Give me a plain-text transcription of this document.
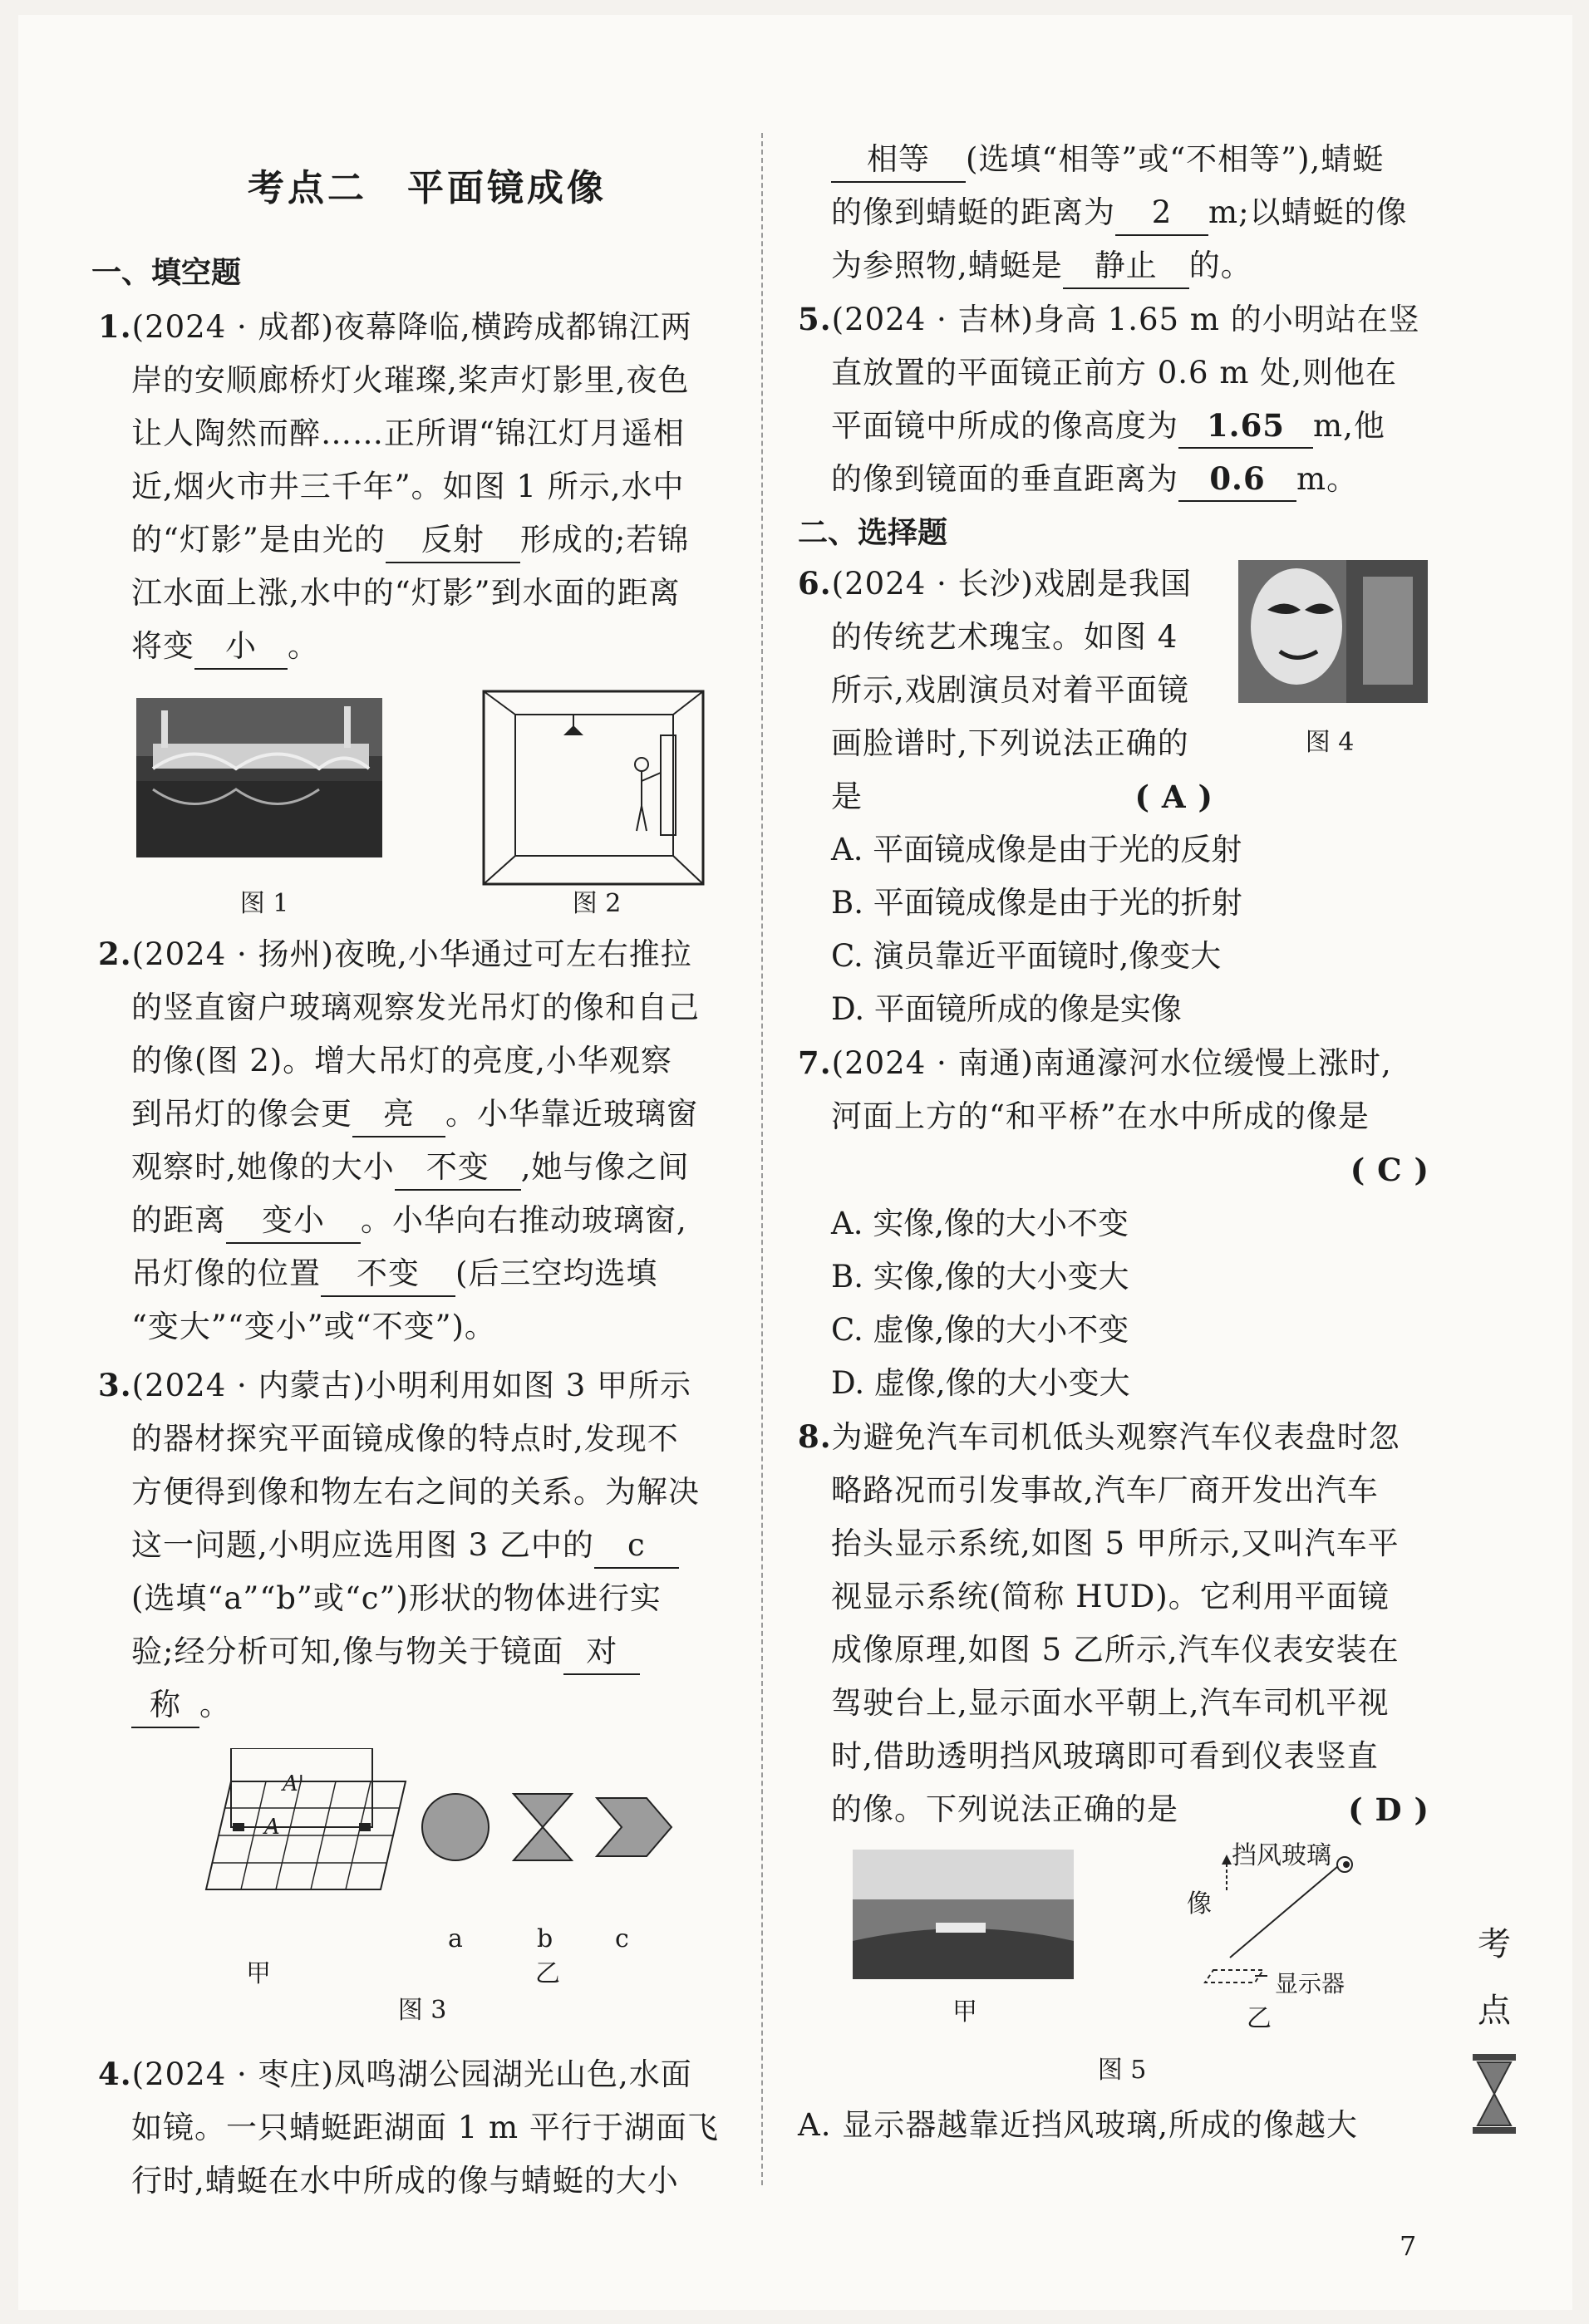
考点二　平面镜成像

一、填空题

1.(2024 · 成都)夜幕降临,横跨成都锦江两

岸的安顺廊桥灯火璀璨,桨声灯影里,夜色

让人陶然而醉……正所谓“锦江灯月遥相

近,烟火市井三千年”。如图 1 所示,水中

的“灯影”是由光的 反射 形成的;若锦

江水面上涨,水中的“灯影”到水面的距离

将变 小 。

图 1	图 2

2.(2024 · 扬州)夜晚,小华通过可左右推拉

的竖直窗户玻璃观察发光吊灯的像和自己

的像(图 2)。增大吊灯的亮度,小华观察

到吊灯的像会更 亮 。小华靠近玻璃窗

观察时,她像的大小 不变 ,她与像之间

的距离 变小 。小华向右推动玻璃窗,

吊灯像的位置 不变 (后三空均选填

“变大”“变小”或“不变”)。

3.(2024 · 内蒙古)小明利用如图 3 甲所示

的器材探究平面镜成像的特点时,发现不

方便得到像和物左右之间的关系。为解决

这一问题,小明应选用图 3 乙中的 c

(选填“a”“b”或“c”)形状的物体进行实

验;经分析可知,像与物关于镜面 对

称 。

A'
A
a	b c
甲	乙
图 3

4.(2024 · 枣庄)凤鸣湖公园湖光山色,水面

如镜。一只蜻蜓距湖面 1 m 平行于湖面飞

行时,蜻蜓在水中所成的像与蜻蜓的大小

相等 (选填“相等”或“不相等”),蜻蜓

的像到蜻蜓的距离为 2 m;以蜻蜓的像

为参照物,蜻蜓是 静止 的。

5.(2024 · 吉林)身高 1.65 m 的小明站在竖

直放置的平面镜正前方 0.6 m 处,则他在

平面镜中所成的像高度为 1.65 m,他

的像到镜面的垂直距离为 0.6 m。

二、选择题

图 4

6.(2024 · 长沙)戏剧是我国

的传统艺术瑰宝。如图 4

所示,戏剧演员对着平面镜

画脸谱时,下列说法正确的

是	( A )

A. 平面镜成像是由于光的反射

B. 平面镜成像是由于光的折射

C. 演员靠近平面镜时,像变大

D. 平面镜所成的像是实像

7.(2024 · 南通)南通濠河水位缓慢上涨时,

河面上方的“和平桥”在水中所成的像是

( C )

A. 实像,像的大小不变

B. 实像,像的大小变大

C. 虚像,像的大小不变

D. 虚像,像的大小变大

8.为避免汽车司机低头观察汽车仪表盘时忽

略路况而引发事故,汽车厂商开发出汽车

抬头显示系统,如图 5 甲所示,又叫汽车平

视显示系统(简称 HUD)。它利用平面镜

成像原理,如图 5 乙所示,汽车仪表安装在

驾驶台上,显示面水平朝上,汽车司机平视

时,借助透明挡风玻璃即可看到仪表竖直

的像。下列说法正确的是	( D )

甲
挡风玻璃
像
显示器
乙
图 5

A. 显示器越靠近挡风玻璃,所成的像越大

考
点
7
